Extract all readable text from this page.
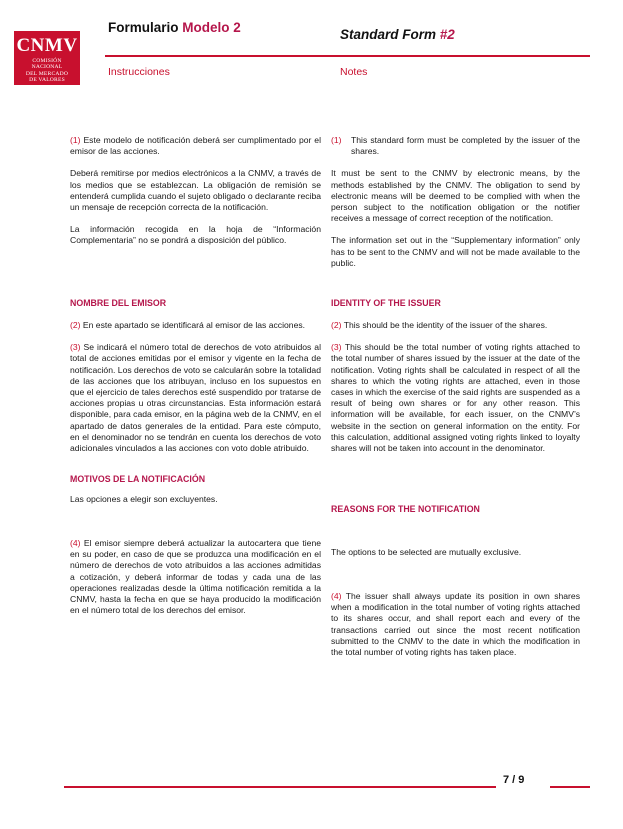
CNMV
COMISIÓN
NACIONAL
DEL MERCADO
DE VALORES
Formulario Modelo 2	Standard Form #2
Instrucciones	Notes

(1) Este modelo de notificación deberá ser cumplimentado por el emisor de las acciones.

Deberá remitirse por medios electrónicos a la CNMV, a través de los medios que se establezcan. La obligación de remisión se entenderá cumplida cuando el sujeto obligado o declarante reciba un mensaje de recepción correcta de la notificación.

La información recogida en la hoja de “Información Complementaria” no se pondrá a disposición del público.

(1) This standard form must be completed by the issuer of the shares.

It must be sent to the CNMV by electronic means, by the methods established by the CNMV. The obligation to send by electronic means will be deemed to be complied with when the person subject to the notification obligation or the notifier receives a message of correct reception of the notification.

The information set out in the “Supplementary information” only has to be sent to the CNMV and will not be made available to the public.

NOMBRE DEL EMISOR	IDENTITY OF THE ISSUER

(2) En este apartado se identificará al emisor de las acciones.

(3) Se indicará el número total de derechos de voto atribuidos al total de acciones emitidas por el emisor y vigente en la fecha de notificación. Los derechos de voto se calcularán sobre la totalidad de las acciones que los atribuyan, incluso en los supuestos en que el ejercicio de tales derechos esté suspendido por tratarse de acciones propias u otras circunstancias. Esta información estará disponible, para cada emisor, en la página web de la CNMV, en el apartado de datos generales de la entidad. Para este cómputo, en el denominador no se tendrán en cuenta los derechos de voto adicionales vinculados a las acciones con voto doble atribuido.

(2) This should be the identity of the issuer of the shares.

(3) This should be the total number of voting rights attached to the total number of shares issued by the issuer at the date of the notification. Voting rights shall be calculated in respect of all the shares to which the voting rights are attached, even in those cases in which the exercise of the said rights are suspended as a result of being own shares or for any other reason. This information will be available, for each issuer, on the CNMV’s website in the section on general information on the entity. For this calculation, additional assigned voting rights linked to loyalty shares will not be taken into account in the denominator.

MOTIVOS DE LA NOTIFICACIÓN
Las opciones a elegir son excluyentes.

(4) El emisor siempre deberá actualizar la autocartera que tiene en su poder, en caso de que se produzca una modificación en el número de derechos de voto atribuidos a las acciones admitidas a cotización, y deberá informar de todas y cada una de las operaciones realizadas desde la última notificación remitida a la CNMV, hasta la fecha en que se haya producido la modificación en el número total de los derechos del emisor.

REASONS FOR THE NOTIFICATION
The options to be selected are mutually exclusive.

(4) The issuer shall always update its position in own shares when a modification in the total number of voting rights attached to its shares occur, and shall report each and every of the transactions carried out since the most recent notification submitted to the CNMV to the date in which the modification in the total number of voting rights has taken place.

7 / 9
